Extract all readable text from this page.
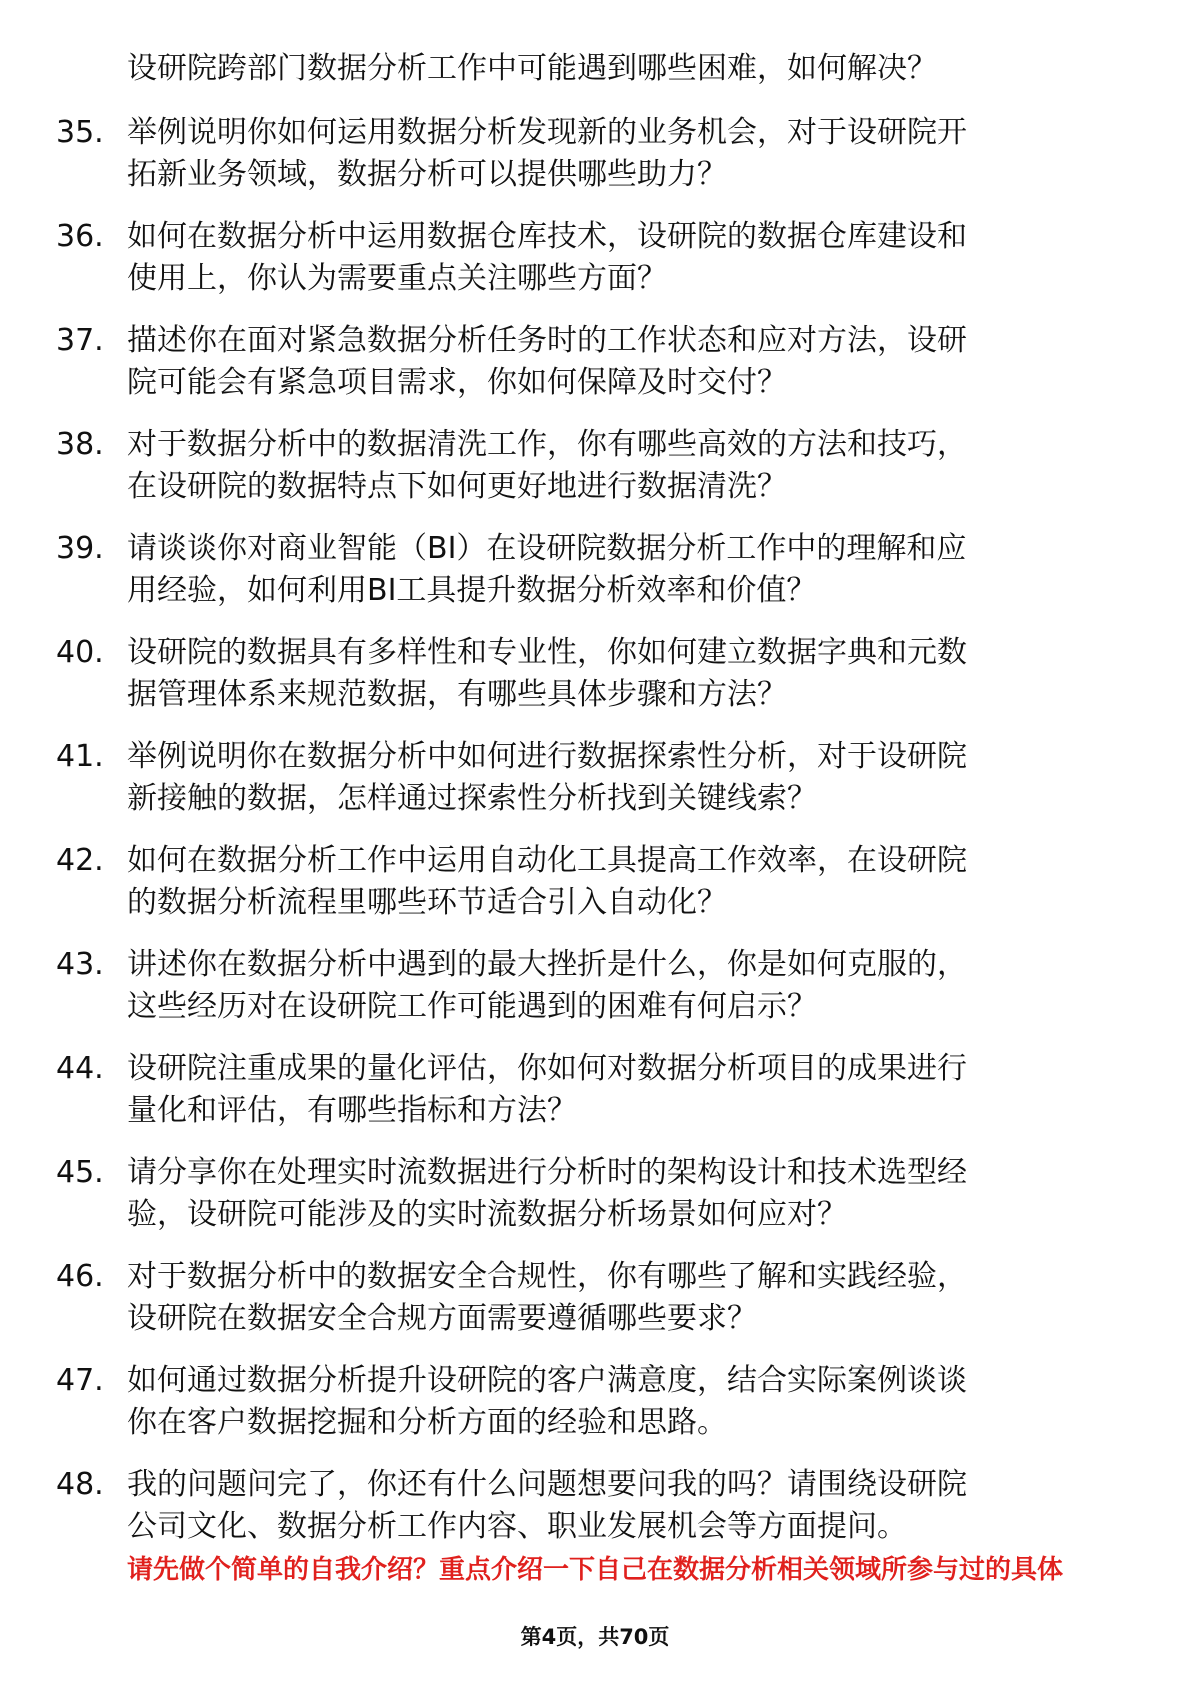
设研院跨部门数据分析工作中可能遇到哪些困难，如何解决？
35. 举例说明你如何运用数据分析发现新的业务机会，对于设研院开
拓新业务领域，数据分析可以提供哪些助力？
36. 如何在数据分析中运用数据仓库技术，设研院的数据仓库建设和
使用上，你认为需要重点关注哪些方面？
37. 描述你在面对紧急数据分析任务时的工作状态和应对方法，设研
院可能会有紧急项目需求，你如何保障及时交付？
38. 对于数据分析中的数据清洗工作，你有哪些高效的方法和技巧，
在设研院的数据特点下如何更好地进行数据清洗？
39. 请谈谈你对商业智能（BI）在设研院数据分析工作中的理解和应
用经验，如何利用BI工具提升数据分析效率和价值？
40. 设研院的数据具有多样性和专业性，你如何建立数据字典和元数
据管理体系来规范数据，有哪些具体步骤和方法？
41. 举例说明你在数据分析中如何进行数据探索性分析，对于设研院
新接触的数据，怎样通过探索性分析找到关键线索？
42. 如何在数据分析工作中运用自动化工具提高工作效率，在设研院
的数据分析流程里哪些环节适合引入自动化？
43. 讲述你在数据分析中遇到的最大挫折是什么，你是如何克服的，
这些经历对在设研院工作可能遇到的困难有何启示？
44. 设研院注重成果的量化评估，你如何对数据分析项目的成果进行
量化和评估，有哪些指标和方法？
45. 请分享你在处理实时流数据进行分析时的架构设计和技术选型经
验，设研院可能涉及的实时流数据分析场景如何应对？
46. 对于数据分析中的数据安全合规性，你有哪些了解和实践经验，
设研院在数据安全合规方面需要遵循哪些要求？
47. 如何通过数据分析提升设研院的客户满意度，结合实际案例谈谈
你在客户数据挖掘和分析方面的经验和思路。
48. 我的问题问完了，你还有什么问题想要问我的吗？请围绕设研院
公司文化、数据分析工作内容、职业发展机会等方面提问。
请先做个简单的自我介绍？重点介绍一下自己在数据分析相关领域所参与过的具体
第4页，共70页
